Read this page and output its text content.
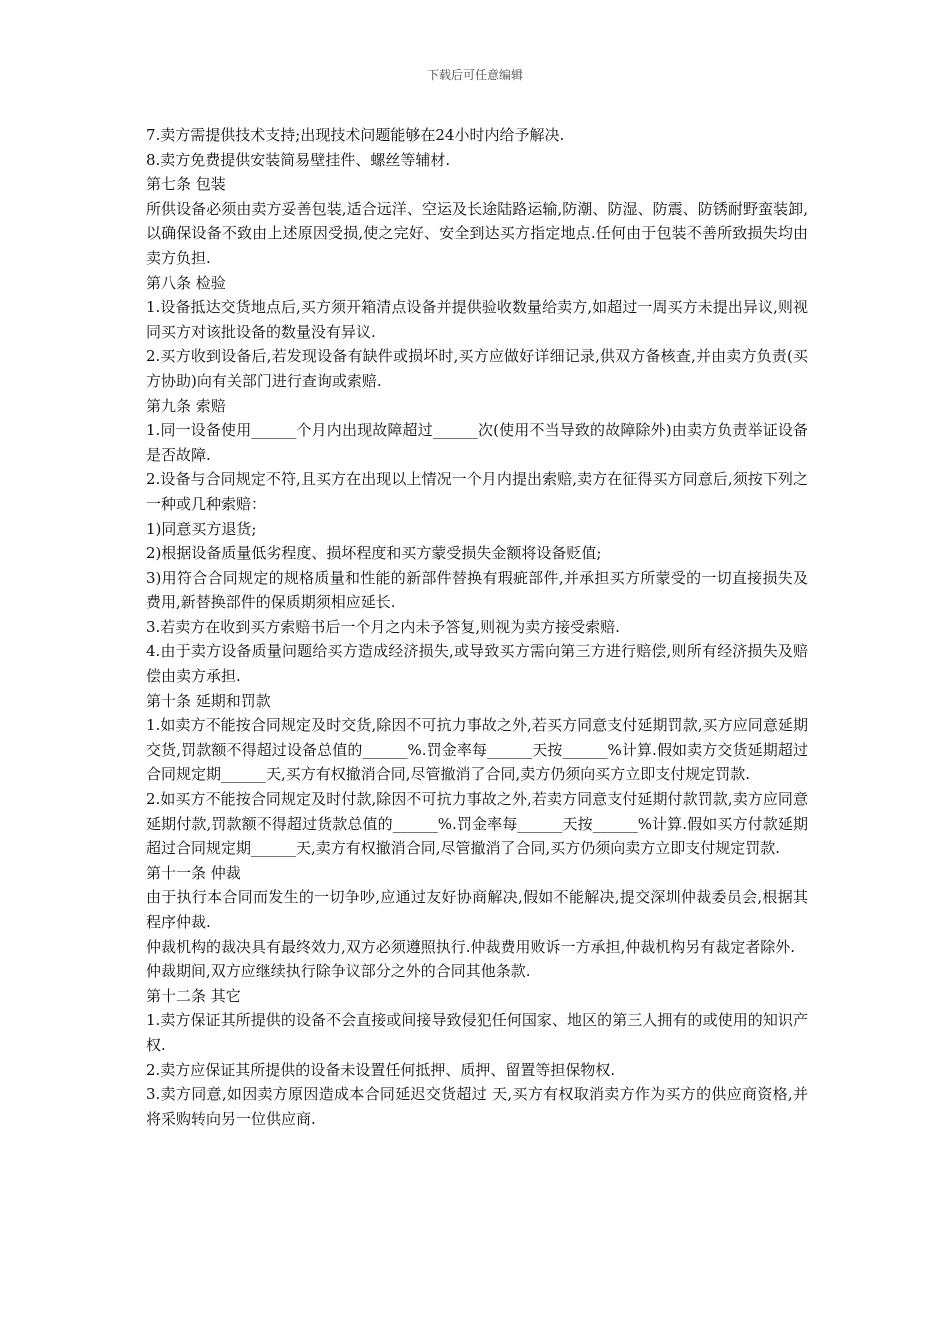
下载后可任意编辑

7.卖方需提供技术支持;出现技术问题能够在24小时内给予解决.

8.卖方免费提供安装简易壁挂件、螺丝等辅材.

第七条 包装

所供设备必须由卖方妥善包装,适合远洋、空运及长途陆路运输,防潮、防湿、防震、防锈耐野蛮装卸,以确保设备不致由上述原因受损,使之完好、安全到达买方指定地点.任何由于包装不善所致损失均由卖方负担.

第八条 检验

1.设备抵达交货地点后,买方须开箱清点设备并提供验收数量给卖方,如超过一周买方未提出异议,则视同买方对该批设备的数量没有异议.

2.买方收到设备后,若发现设备有缺件或损坏时,买方应做好详细记录,供双方备核查,并由卖方负责(买方协助)向有关部门进行查询或索赔.

第九条 索赔

1.同一设备使用______个月内出现故障超过______次(使用不当导致的故障除外)由卖方负责举证设备是否故障.

2.设备与合同规定不符,且买方在出现以上情况一个月内提出索赔,卖方在征得买方同意后,须按下列之一种或几种索赔：

1)同意买方退货;

2)根据设备质量低劣程度、损坏程度和买方蒙受损失金额将设备贬值;

3)用符合合同规定的规格质量和性能的新部件替换有瑕疵部件,并承担买方所蒙受的一切直接损失及费用,新替换部件的保质期须相应延长.

3.若卖方在收到买方索赔书后一个月之内未予答复,则视为卖方接受索赔.

4.由于卖方设备质量问题给买方造成经济损失,或导致买方需向第三方进行赔偿,则所有经济损失及赔偿由卖方承担.

第十条 延期和罚款

1.如卖方不能按合同规定及时交货,除因不可抗力事故之外,若买方同意支付延期罚款,买方应同意延期交货,罚款额不得超过设备总值的______%.罚金率每______天按______%计算.假如卖方交货延期超过合同规定期______天,买方有权撤消合同,尽管撤消了合同,卖方仍须向买方立即支付规定罚款.

2.如买方不能按合同规定及时付款,除因不可抗力事故之外,若卖方同意支付延期付款罚款,卖方应同意延期付款,罚款额不得超过货款总值的______%.罚金率每______天按______%计算.假如买方付款延期超过合同规定期______天,卖方有权撤消合同,尽管撤消了合同,买方仍须向卖方立即支付规定罚款.

第十一条 仲裁

由于执行本合同而发生的一切争吵,应通过友好协商解决,假如不能解决,提交深圳仲裁委员会,根据其程序仲裁.

仲裁机构的裁决具有最终效力,双方必须遵照执行.仲裁费用败诉一方承担,仲裁机构另有裁定者除外.

仲裁期间,双方应继续执行除争议部分之外的合同其他条款.

第十二条 其它

1.卖方保证其所提供的设备不会直接或间接导致侵犯任何国家、地区的第三人拥有的或使用的知识产权.

2.卖方应保证其所提供的设备未设置任何抵押、质押、留置等担保物权.

3.卖方同意,如因卖方原因造成本合同延迟交货超过 天,买方有权取消卖方作为买方的供应商资格,并将采购转向另一位供应商.
